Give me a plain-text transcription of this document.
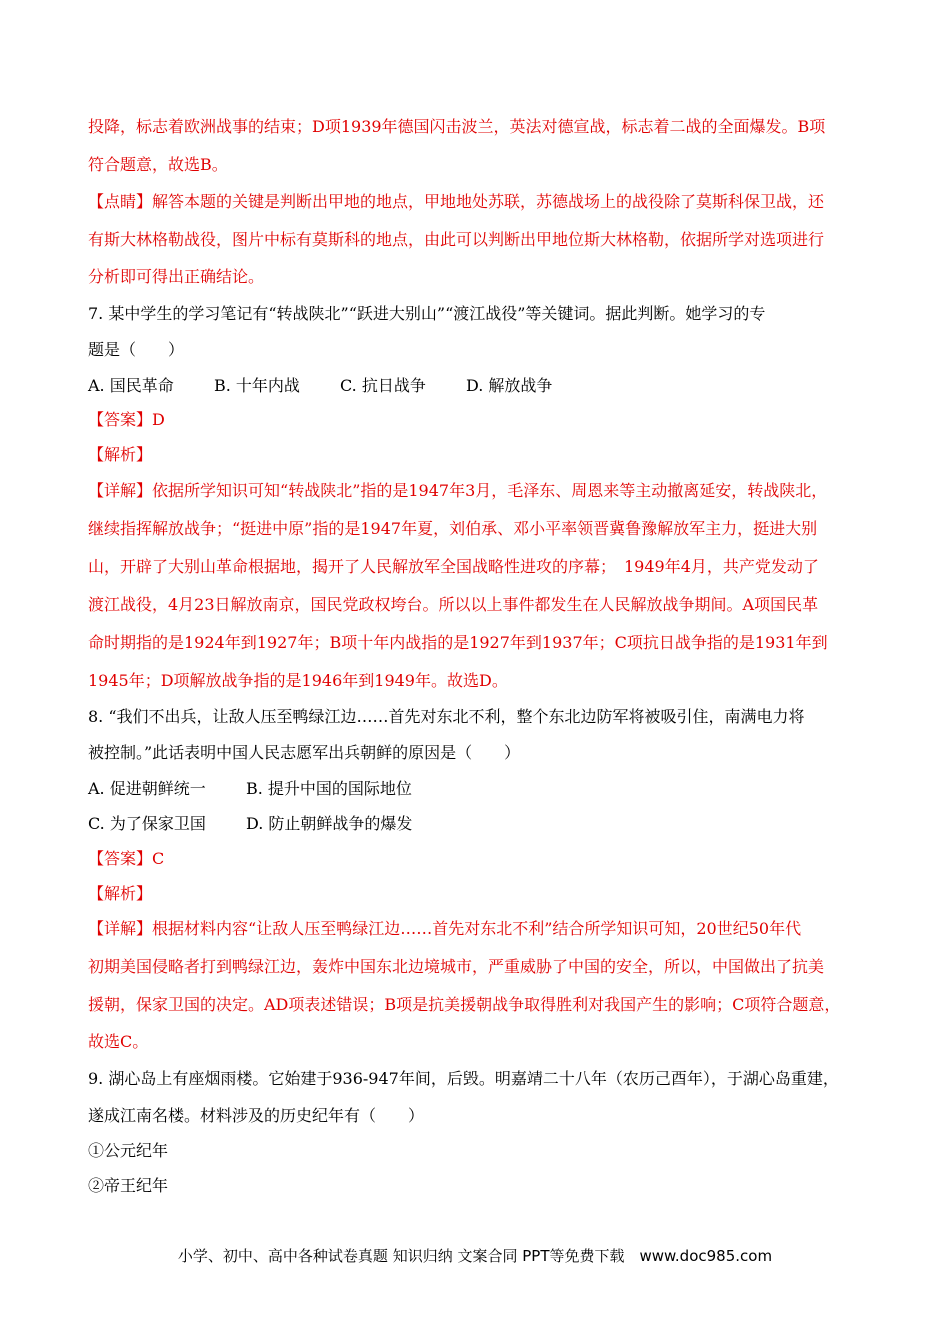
投降，标志着欧洲战事的结束；D项1939年德国闪击波兰，英法对德宣战，标志着二战的全面爆发。B项
符合题意，故选B。
【点睛】解答本题的关键是判断出甲地的地点，甲地地处苏联，苏德战场上的战役除了莫斯科保卫战，还
有斯大林格勒战役，图片中标有莫斯科的地点，由此可以判断出甲地位斯大林格勒，依据所学对选项进行
分析即可得出正确结论。
7. 某中学生的学习笔记有“转战陕北”“跃进大别山”“渡江战役”等关键词。据此判断。她学习的专
题是（　　）
A. 国民革命	B. 十年内战	C. 抗日战争	D. 解放战争
【答案】D
【解析】
【详解】依据所学知识可知“转战陕北”指的是1947年3月，毛泽东、周恩来等主动撤离延安，转战陕北，
继续指挥解放战争；“挺进中原”指的是1947年夏，刘伯承、邓小平率领晋冀鲁豫解放军主力，挺进大别
山，开辟了大别山革命根据地，揭开了人民解放军全国战略性进攻的序幕；　1949年4月，共产党发动了
渡江战役，4月23日解放南京，国民党政权垮台。所以以上事件都发生在人民解放战争期间。A项国民革
命时期指的是1924年到1927年；B项十年内战指的是1927年到1937年；C项抗日战争指的是1931年到
1945年；D项解放战争指的是1946年到1949年。故选D。
8. “我们不出兵，让敌人压至鸭绿江边……首先对东北不利，整个东北边防军将被吸引住，南满电力将
被控制。”此话表明中国人民志愿军出兵朝鲜的原因是（　　）
A. 促进朝鲜统一	B. 提升中国的国际地位
C. 为了保家卫国	D. 防止朝鲜战争的爆发
【答案】C
【解析】
【详解】根据材料内容“让敌人压至鸭绿江边……首先对东北不利”结合所学知识可知，20世纪50年代
初期美国侵略者打到鸭绿江边，轰炸中国东北边境城市，严重威胁了中国的安全，所以，中国做出了抗美
援朝，保家卫国的决定。AD项表述错误；B项是抗美援朝战争取得胜利对我国产生的影响；C项符合题意，
故选C。
9. 湖心岛上有座烟雨楼。它始建于936-947年间，后毁。明嘉靖二十八年（农历己酉年），于湖心岛重建，
遂成江南名楼。材料涉及的历史纪年有（　　）
①公元纪年
②帝王纪年
小学、初中、高中各种试卷真题 知识归纳 文案合同 PPT等免费下载　www.doc985.com
